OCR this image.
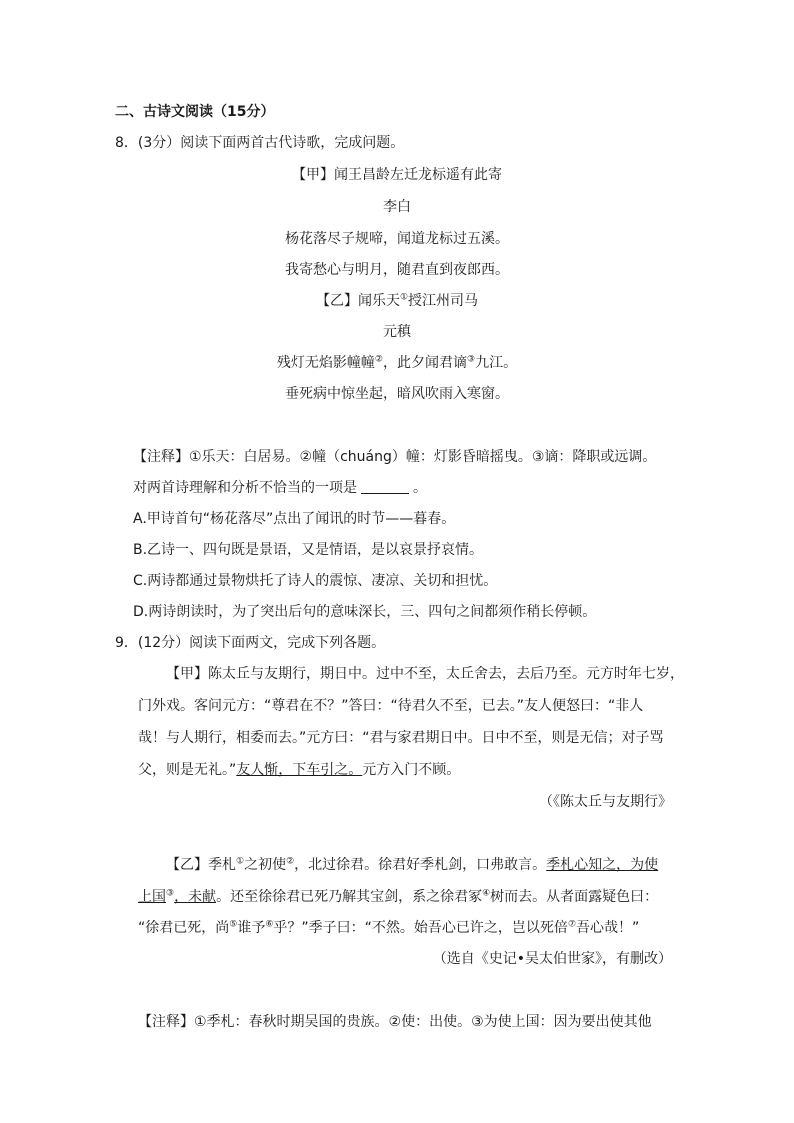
二、古诗文阅读（15分）
8．(3分）阅读下面两首古代诗歌，完成问题。
【甲】闻王昌龄左迁龙标遥有此寄
李白
杨花落尽子规啼，闻道龙标过五溪。
我寄愁心与明月，随君直到夜郎西。
【乙】闻乐天①授江州司马
元稹
残灯无焰影幢幢②，此夕闻君谪③九江。
垂死病中惊坐起，暗风吹雨入寒窗。
【注释】①乐天：白居易。②幢（chuáng）幢：灯影昏暗摇曳。③谪：降职或远调。
对两首诗理解和分析不恰当的一项是	。
A.甲诗首句“杨花落尽”点出了闻讯的时节——暮春。
B.乙诗一、四句既是景语，又是情语，是以哀景抒哀情。
C.两诗都通过景物烘托了诗人的震惊、凄凉、关切和担忧。
D.两诗朗读时，为了突出后句的意味深长，三、四句之间都须作稍长停顿。
9．(12分）阅读下面两文，完成下列各题。
【甲】陈太丘与友期行，期日中。过中不至，太丘舍去，去后乃至。元方时年七岁，
门外戏。客问元方：“尊君在不？”答曰：“待君久不至，已去。”友人便怒曰：“非人
哉！与人期行，相委而去。”元方曰：“君与家君期日中。日中不至，则是无信；对子骂
父，则是无礼。”友人惭，下车引之。元方入门不顾。
（《陈太丘与友期行》
【乙】季札①之初使②，北过徐君。徐君好季札剑，口弗敢言。季札心知之，为使
上国③，未献。还至徐徐君已死乃解其宝剑，系之徐君冢④树而去。从者面露疑色曰：
“徐君已死，尚⑤谁予⑥乎？”季子曰：“不然。始吾心已许之，岂以死倍⑦吾心哉！”
（选自《史记•吴太伯世家》，有删改）
【注释】①季札：春秋时期吴国的贵族。②使：出使。③为使上国：因为要出使其他
